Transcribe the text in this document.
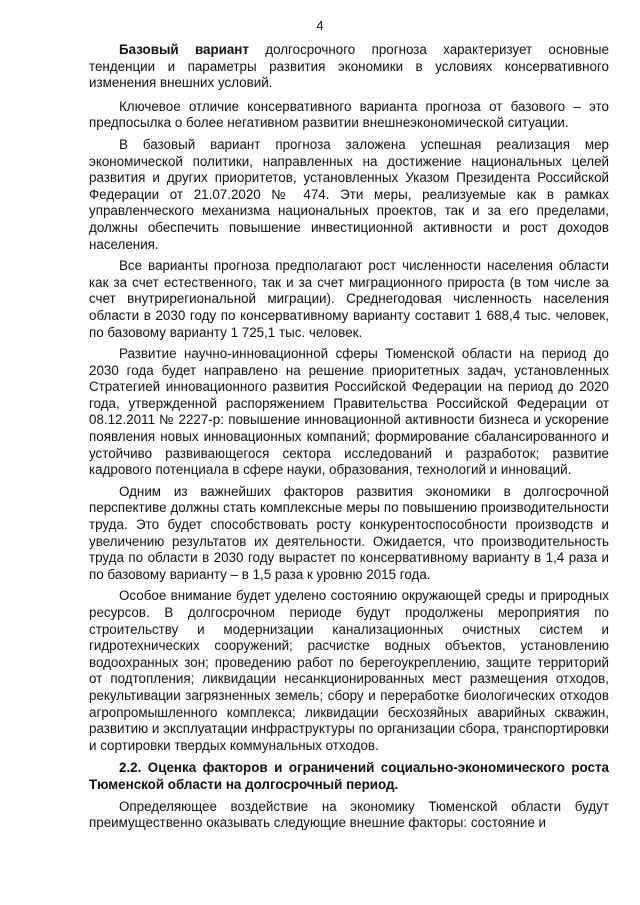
4

Базовый вариант долгосрочного прогноза характеризует основные тенденции и параметры развития экономики в условиях консервативного изменения внешних условий.

Ключевое отличие консервативного варианта прогноза от базового – это предпосылка о более негативном развитии внешнеэкономической ситуации.

В базовый вариант прогноза заложена успешная реализация мер экономической политики, направленных на достижение национальных целей развития и других приоритетов, установленных Указом Президента Российской Федерации от 21.07.2020 № 474. Эти меры, реализуемые как в рамках управленческого механизма национальных проектов, так и за его пределами, должны обеспечить повышение инвестиционной активности и рост доходов населения.

Все варианты прогноза предполагают рост численности населения области как за счет естественного, так и за счет миграционного прироста (в том числе за счет внутрирегиональной миграции). Среднегодовая численность населения области в 2030 году по консервативному варианту составит 1 688,4 тыс. человек, по базовому варианту 1 725,1 тыс. человек.

Развитие научно-инновационной сферы Тюменской области на период до 2030 года будет направлено на решение приоритетных задач, установленных Стратегией инновационного развития Российской Федерации на период до 2020 года, утвержденной распоряжением Правительства Российской Федерации от 08.12.2011 № 2227-р: повышение инновационной активности бизнеса и ускорение появления новых инновационных компаний; формирование сбалансированного и устойчиво развивающегося сектора исследований и разработок; развитие кадрового потенциала в сфере науки, образования, технологий и инноваций.

Одним из важнейших факторов развития экономики в долгосрочной перспективе должны стать комплексные меры по повышению производительности труда. Это будет способствовать росту конкурентоспособности производств и увеличению результатов их деятельности. Ожидается, что производительность труда по области в 2030 году вырастет по консервативному варианту в 1,4 раза и по базовому варианту – в 1,5 раза к уровню 2015 года.

Особое внимание будет уделено состоянию окружающей среды и природных ресурсов. В долгосрочном периоде будут продолжены мероприятия по строительству и модернизации канализационных очистных систем и гидротехнических сооружений; расчистке водных объектов, установлению водоохранных зон; проведению работ по берегоукреплению, защите территорий от подтопления; ликвидации несанкционированных мест размещения отходов, рекультивации загрязненных земель; сбору и переработке биологических отходов агропромышленного комплекса; ликвидации бесхозяйных аварийных скважин, развитию и эксплуатации инфраструктуры по организации сбора, транспортировки и сортировки твердых коммунальных отходов.

2.2. Оценка факторов и ограничений социально-экономического роста Тюменской области на долгосрочный период.

Определяющее воздействие на экономику Тюменской области будут преимущественно оказывать следующие внешние факторы: состояние и
